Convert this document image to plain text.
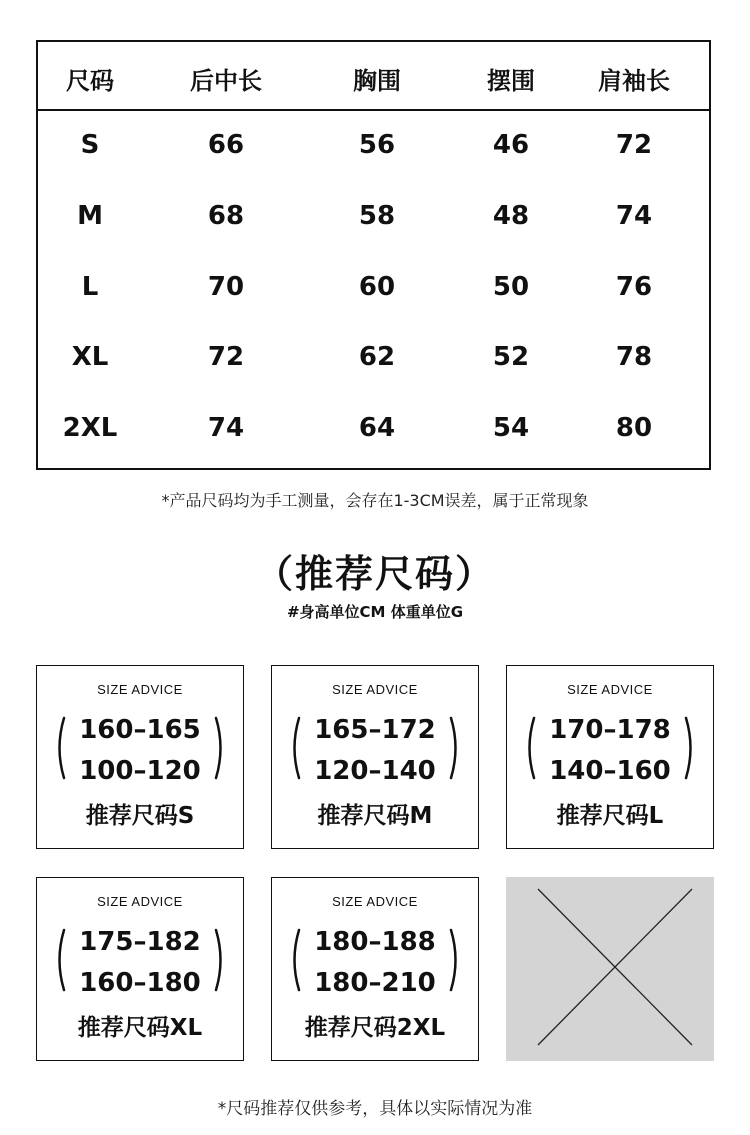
尺码	后中长	胸围	摆围	肩袖长
S	66	56	46	72
M	68	58	48	74
L	70	60	50	76
XL	72	62	52	78
2XL	74	64	54	80
*产品尺码均为手工测量，会存在1-3CM误差，属于正常现象
（推荐尺码）
#身高单位CM 体重单位G
SIZE ADVICE
160–165
100–120
推荐尺码S
SIZE ADVICE
165–172
120–140
推荐尺码M
SIZE ADVICE
170–178
140–160
推荐尺码L
SIZE ADVICE
175–182
160–180
推荐尺码XL
SIZE ADVICE
180–188
180–210
推荐尺码2XL
*尺码推荐仅供参考，具体以实际情况为准
